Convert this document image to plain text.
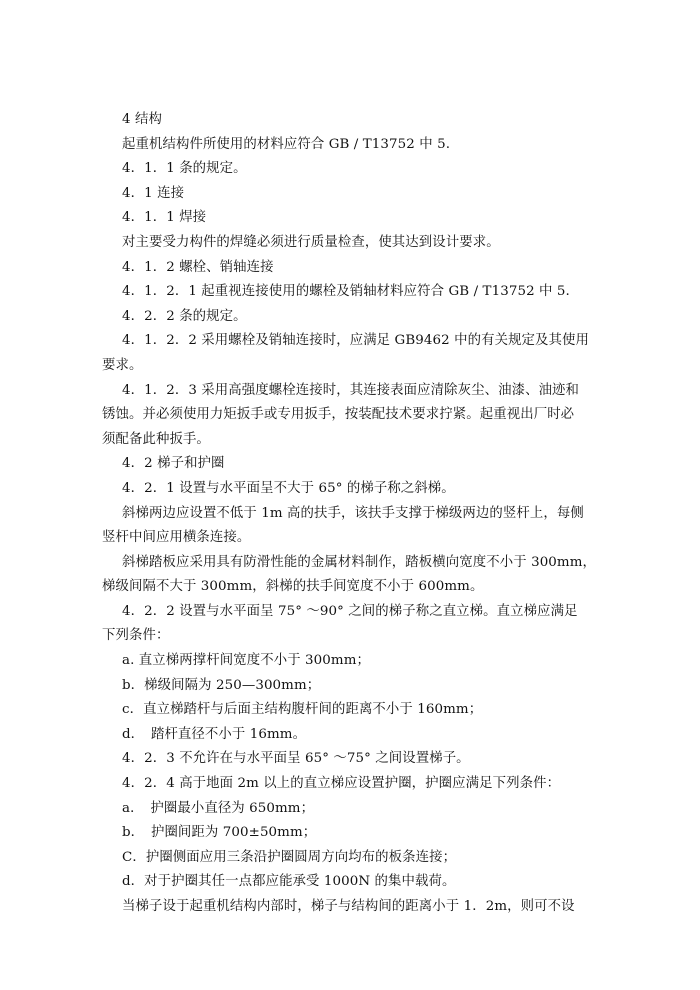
4 结构
起重机结构件所使用的材料应符合 GB / T13752 中 5.
4．1．1 条的规定。
4．1 连接
4．1．1 焊接
对主要受力构件的焊缝必须进行质量检查，使其达到设计要求。
4．1．2 螺栓、销轴连接
4．1．2．1 起重视连接使用的螺栓及销轴材料应符合 GB / T13752 中 5.
4．2．2 条的规定。
4．1．2．2 采用螺栓及销轴连接时，应满足 GB9462 中的有关规定及其使用
要求。
4．1．2．3 采用高强度螺栓连接时，其连接表面应清除灰尘、油漆、油迹和
锈蚀。并必须使用力矩扳手或专用扳手，按装配技术要求拧紧。起重视出厂时必
须配备此种扳手。
4．2 梯子和护圈
4．2．1 设置与水平面呈不大于 65° 的梯子称之斜梯。
斜梯两边应设置不低于 1m 高的扶手，该扶手支撑于梯级两边的竖杆上，每侧
竖杆中间应用横条连接。
斜梯踏板应采用具有防滑性能的金属材料制作，踏板横向宽度不小于 300mm，
梯级间隔不大于 300mm，斜梯的扶手间宽度不小于 600mm。
4．2．2 设置与水平面呈 75° ～90° 之间的梯子称之直立梯。直立梯应满足
下列条件：
a. 直立梯两撑杆间宽度不小于 300mm；
b．梯级间隔为 250—300mm；
c．直立梯踏杆与后面主结构腹杆间的距离不小于 160mm；
d．　踏杆直径不小于 16mm。
4．2．3 不允许在与水平面呈 65° ～75° 之间设置梯子。
4．2．4 高于地面 2m 以上的直立梯应设置护圈，护圈应满足下列条件：
a．　护圈最小直径为 650mm；
b．　护圈间距为 700±50mm；
C．护圈侧面应用三条沿护圈圆周方向均布的板条连接；
d．对于护圈其任一点都应能承受 1000N 的集中载荷。
当梯子设于起重机结构内部时，梯子与结构间的距离小于 1．2m，则可不设
